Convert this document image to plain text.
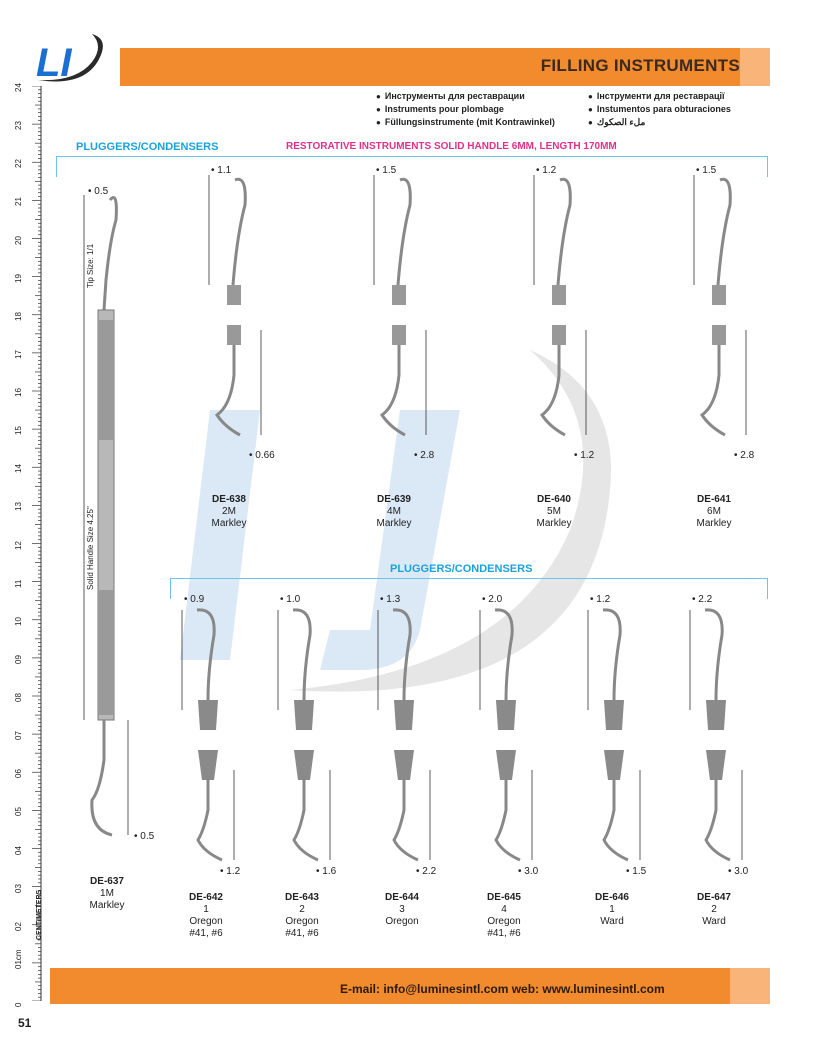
LI	FILLING INSTRUMENTS
● Инструменты для реставрации
● Instruments pour plombage
● Füllungsinstrumente (mit Kontrawinkel)
● Інструменти для реставрації
● Instumentos para obturaciones
● ملء الصكوك
PLUGGERS/CONDENSERS	RESTORATIVE INSTRUMENTS SOLID HANDLE 6MM, LENGTH 170MM
PLUGGERS/CONDENSERS
0
01cm
02
03
04
05
06
07
08
09
10
11
12
13
14
15
16
17
18
19
20
21
22
23
24
CENTIMETERS
• 0.5
• 0.5
Tip Size: 1/1
Solid Handle Size 4.25"
DE-637
1M
Markley
• 1.1
• 0.66
DE-638
2M
Markley
• 1.5
• 2.8
DE-639
4M
Markley
• 1.2
• 1.2
DE-640
5M
Markley
• 1.5
• 2.8
DE-641
6M
Markley
• 0.9
• 1.2
DE-642
1
Oregon
#41, #6
• 1.0
• 1.6
DE-643
2
Oregon
#41, #6
• 1.3
• 2.2
DE-644
3
Oregon
• 2.0
• 3.0
DE-645
4
Oregon
#41, #6
• 1.2
• 1.5
DE-646
1
Ward
• 2.2
• 3.0
DE-647
2
Ward
E-mail: info@luminesintl.com web: www.luminesintl.com
51
